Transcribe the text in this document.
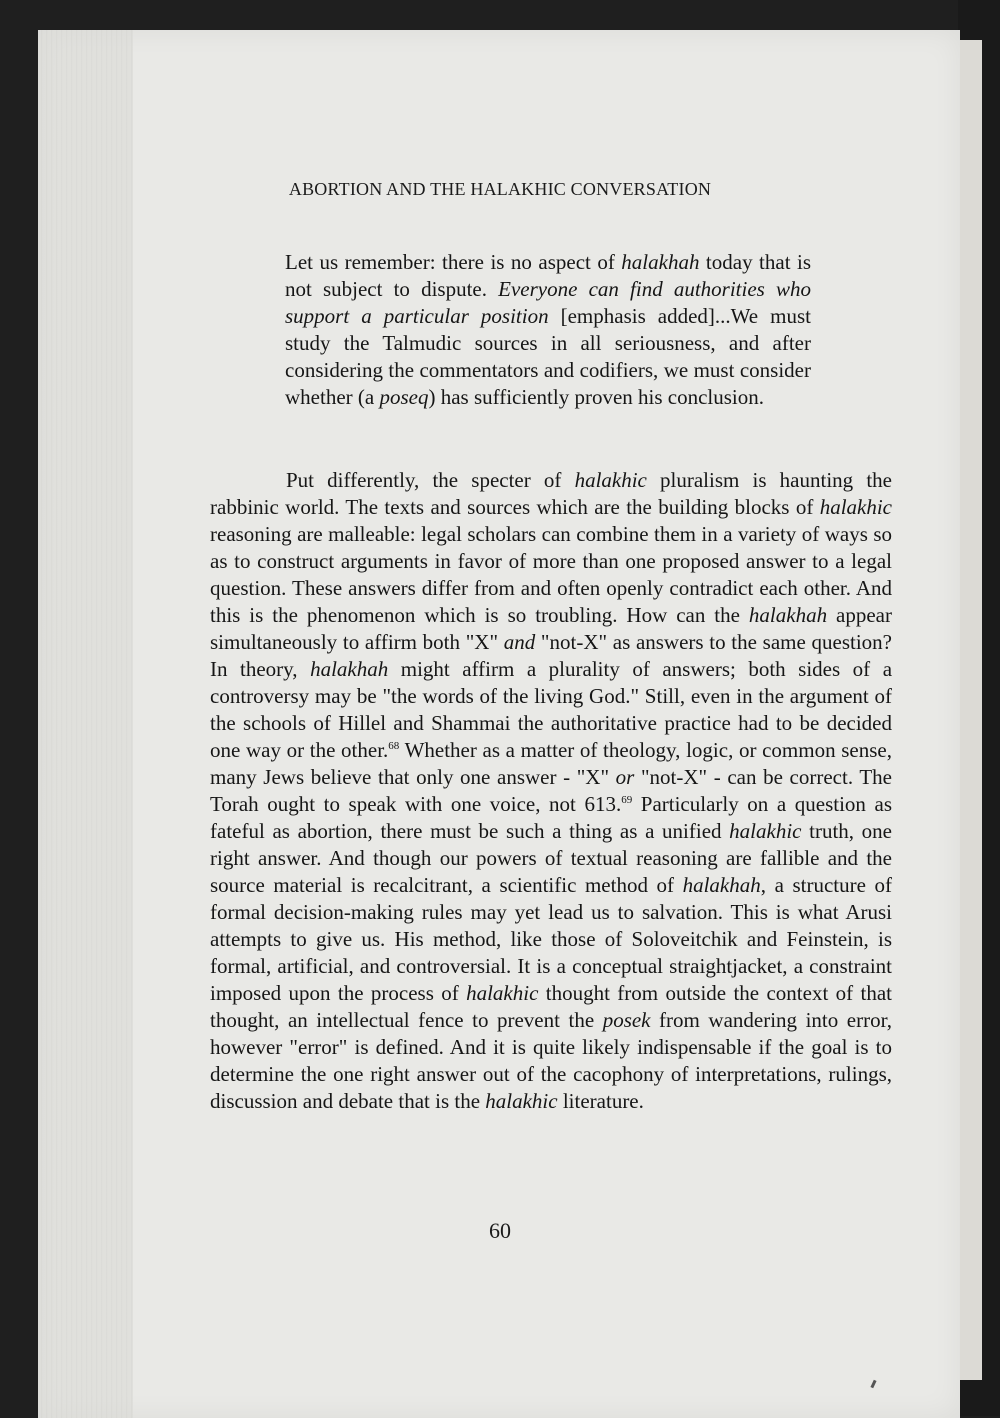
ABORTION AND THE HALAKHIC CONVERSATION
Let us remember: there is no aspect of halakhah today that is not subject to dispute. Everyone can find authorities who support a particular position [emphasis added]...We must study the Talmudic sources in all seriousness, and after considering the commentators and codifiers, we must consider whether (a poseq) has sufficiently proven his conclusion.
Put differently, the specter of halakhic pluralism is haunting the rabbinic world. The texts and sources which are the building blocks of halakhic reasoning are malleable: legal scholars can combine them in a variety of ways so as to construct arguments in favor of more than one proposed answer to a legal question. These answers differ from and often openly contradict each other. And this is the phenomenon which is so troubling. How can the halakhah appear simultaneously to affirm both "X" and "not-X" as answers to the same question? In theory, halakhah might affirm a plurality of answers; both sides of a controversy may be "the words of the living God." Still, even in the argument of the schools of Hillel and Shammai the authoritative practice had to be decided one way or the other.$^{68}$ Whether as a matter of theology, logic, or common sense, many Jews believe that only one answer - "X" or "not-X" - can be correct. The Torah ought to speak with one voice, not 613.69 Particularly on a question as fateful as abortion, there must be such a thing as a unified halakhic truth, one right answer. And though our powers of textual reasoning are fallible and the source material is recalcitrant, a scientific method of halakhah, a structure of formal decision-making rules may yet lead us to salvation. This is what Arusi attempts to give us. His method, like those of Soloveitchik and Feinstein, is formal, artificial, and controversial. It is a conceptual straightjacket, a constraint imposed upon the process of halakhic thought from outside the context of that thought, an intellectual fence to prevent the posek from wandering into error, however "error" is defined. And it is quite likely indispensable if the goal is to determine the one right answer out of the cacophony of interpretations, rulings, discussion and debate that is the halakhic literature.
60
